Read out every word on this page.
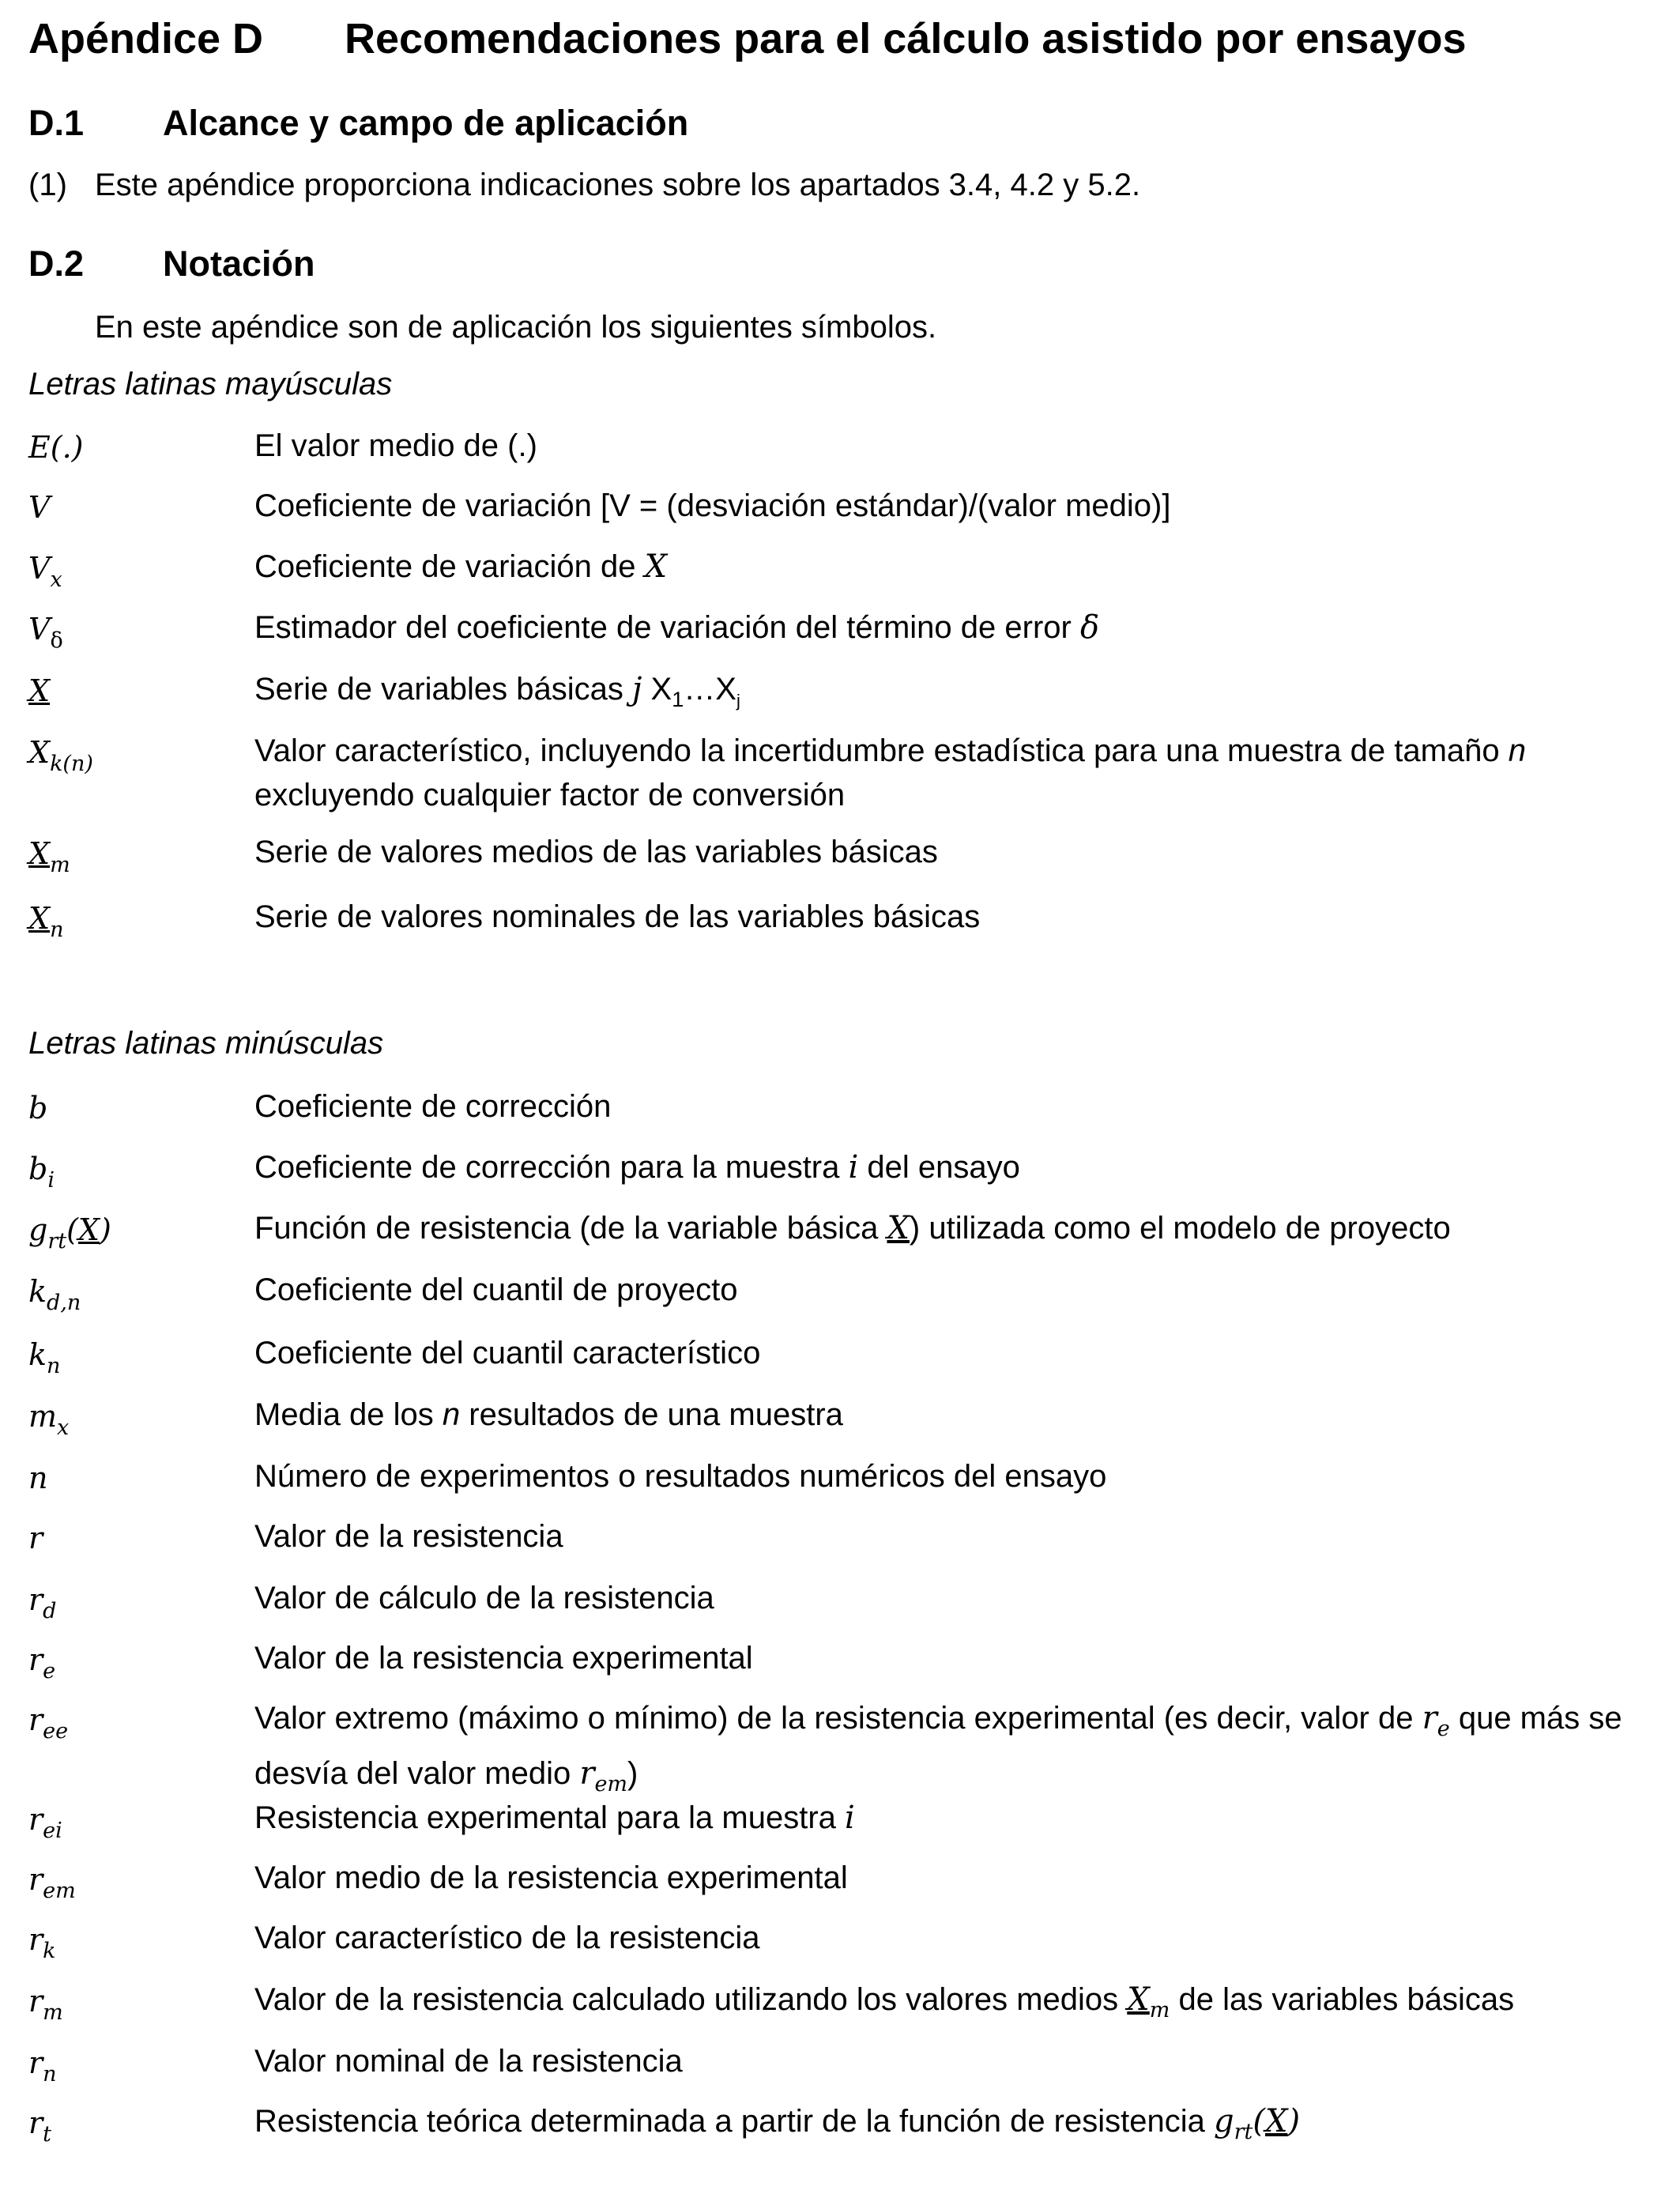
Apéndice D Recomendaciones para el cálculo asistido por ensayos
D.1 Alcance y campo de aplicación
(1) Este apéndice proporciona indicaciones sobre los apartados 3.4, 4.2 y 5.2.
D.2 Notación
En este apéndice son de aplicación los siguientes símbolos.
Letras latinas mayúsculas
E(.)	El valor medio de (.)
V	Coeficiente de variación [V = (desviación estándar)/(valor medio)]
$V_x$	Coeficiente de variación de X
$V_\delta$	Estimador del coeficiente de variación del término de error δ
X	Serie de variables básicas j $X_1\dots X_j$
$X_{k(n)}$	Valor característico, incluyendo la incertidumbre estadística para una muestra de tamaño n excluyendo cualquier factor de conversión
$X_m$	Serie de valores medios de las variables básicas
$X_n$	Serie de valores nominales de las variables básicas
Letras latinas minúsculas
b	Coeficiente de corrección
$b_i$	Coeficiente de corrección para la muestra i del ensayo
$g_{rt}(X)$	Función de resistencia (de la variable básica X) utilizada como el modelo de proyecto
$k_{d,n}$	Coeficiente del cuantil de proyecto
$k_n$	Coeficiente del cuantil característico
$m_x$	Media de los n resultados de una muestra
n	Número de experimentos o resultados numéricos del ensayo
r	Valor de la resistencia
$r_d$	Valor de cálculo de la resistencia
$r_e$	Valor de la resistencia experimental
$r_{ee}$	Valor extremo (máximo o mínimo) de la resistencia experimental (es decir, valor de $r_e$ que más se desvía del valor medio $r_{em}$)
$r_{ei}$	Resistencia experimental para la muestra i
$r_{em}$	Valor medio de la resistencia experimental
$r_k$	Valor característico de la resistencia
$r_m$	Valor de la resistencia calculado utilizando los valores medios $X_m$ de las variables básicas
$r_n$	Valor nominal de la resistencia
$r_t$	Resistencia teórica determinada a partir de la función de resistencia $g_{rt}(X)$
